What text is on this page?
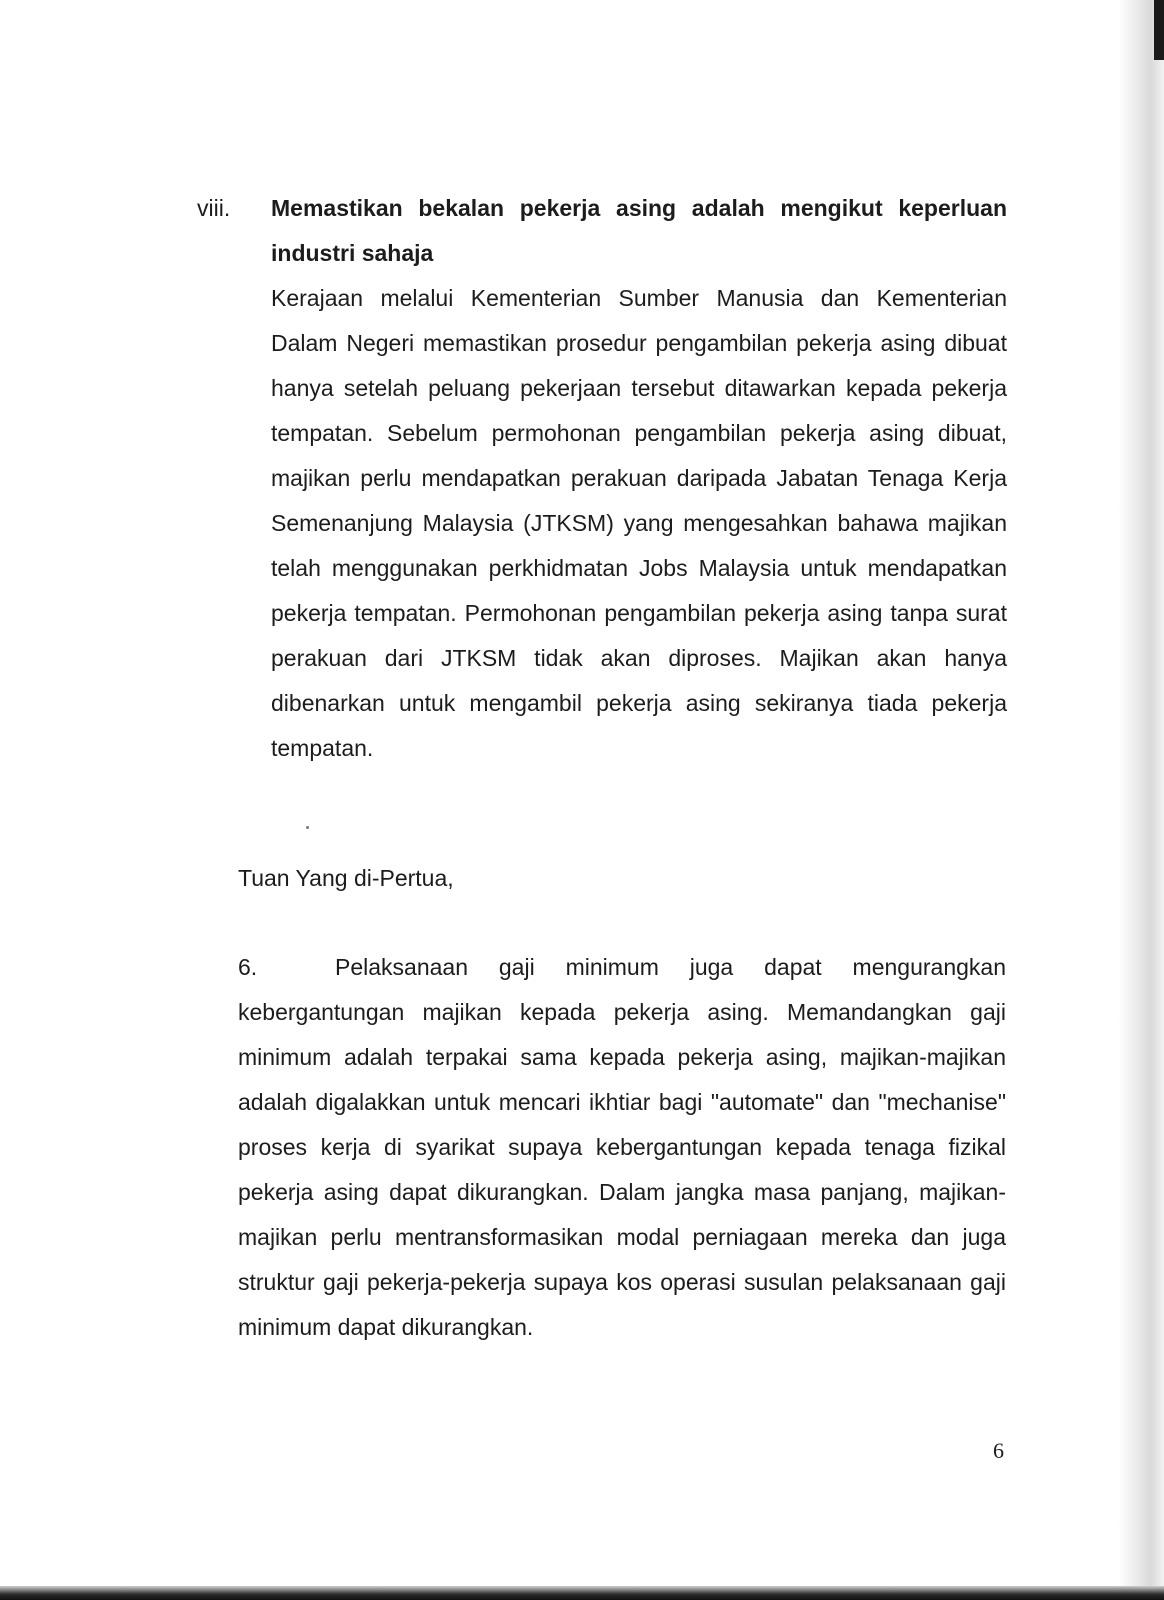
viii. Memastikan bekalan pekerja asing adalah mengikut keperluan industri sahaja
Kerajaan melalui Kementerian Sumber Manusia dan Kementerian Dalam Negeri memastikan prosedur pengambilan pekerja asing dibuat hanya setelah peluang pekerjaan tersebut ditawarkan kepada pekerja tempatan. Sebelum permohonan pengambilan pekerja asing dibuat, majikan perlu mendapatkan perakuan daripada Jabatan Tenaga Kerja Semenanjung Malaysia (JTKSM) yang mengesahkan bahawa majikan telah menggunakan perkhidmatan Jobs Malaysia untuk mendapatkan pekerja tempatan. Permohonan pengambilan pekerja asing tanpa surat perakuan dari JTKSM tidak akan diproses. Majikan akan hanya dibenarkan untuk mengambil pekerja asing sekiranya tiada pekerja tempatan.
Tuan Yang di-Pertua,
6.	Pelaksanaan gaji minimum juga dapat mengurangkan kebergantungan majikan kepada pekerja asing. Memandangkan gaji minimum adalah terpakai sama kepada pekerja asing, majikan-majikan adalah digalakkan untuk mencari ikhtiar bagi "automate" dan "mechanise" proses kerja di syarikat supaya kebergantungan kepada tenaga fizikal pekerja asing dapat dikurangkan. Dalam jangka masa panjang, majikan-majikan perlu mentransformasikan modal perniagaan mereka dan juga struktur gaji pekerja-pekerja supaya kos operasi susulan pelaksanaan gaji minimum dapat dikurangkan.
6
